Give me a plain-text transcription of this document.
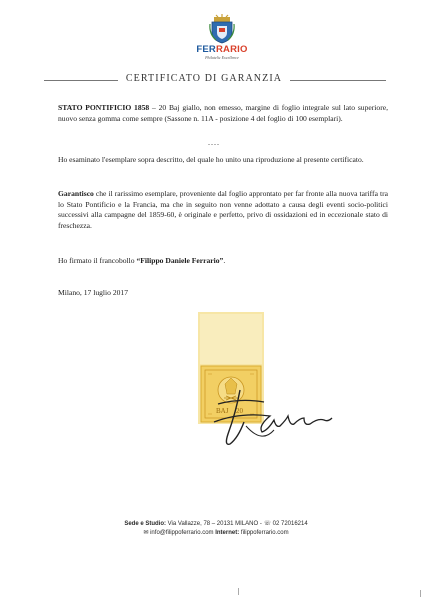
FERRARIO
Philatelic Excellence
CERTIFICATO DI GARANZIA
STATO PONTIFICIO 1858 – 20 Baj giallo, non emesso, margine di foglio integrale sul lato superiore, nuovo senza gomma come sempre (Sassone n. 11A - posizione 4 del foglio di 100 esemplari).
....
Ho esaminato l'esemplare sopra descritto, del quale ho unito una riproduzione al presente certificato.
Garantisco che il rarissimo esemplare, proveniente dal foglio approntato per far fronte alla nuova tariffa tra lo Stato Pontificio e la Francia, ma che in seguito non venne adottato a causa degli eventi socio-politici successivi alla campagne del 1859-60, è originale e perfetto, privo di ossidazioni ed in eccezionale stato di freschezza.
Ho firmato il francobollo “Filippo Daniele Ferrario”.
Milano, 17 luglio 2017
BAJ 20
Sede e Studio: Via Vallazze, 78 – 20131 MILANO - ☏ 02 72016214
✉ info@filippoferrario.com Internet: filippoferrario.com
